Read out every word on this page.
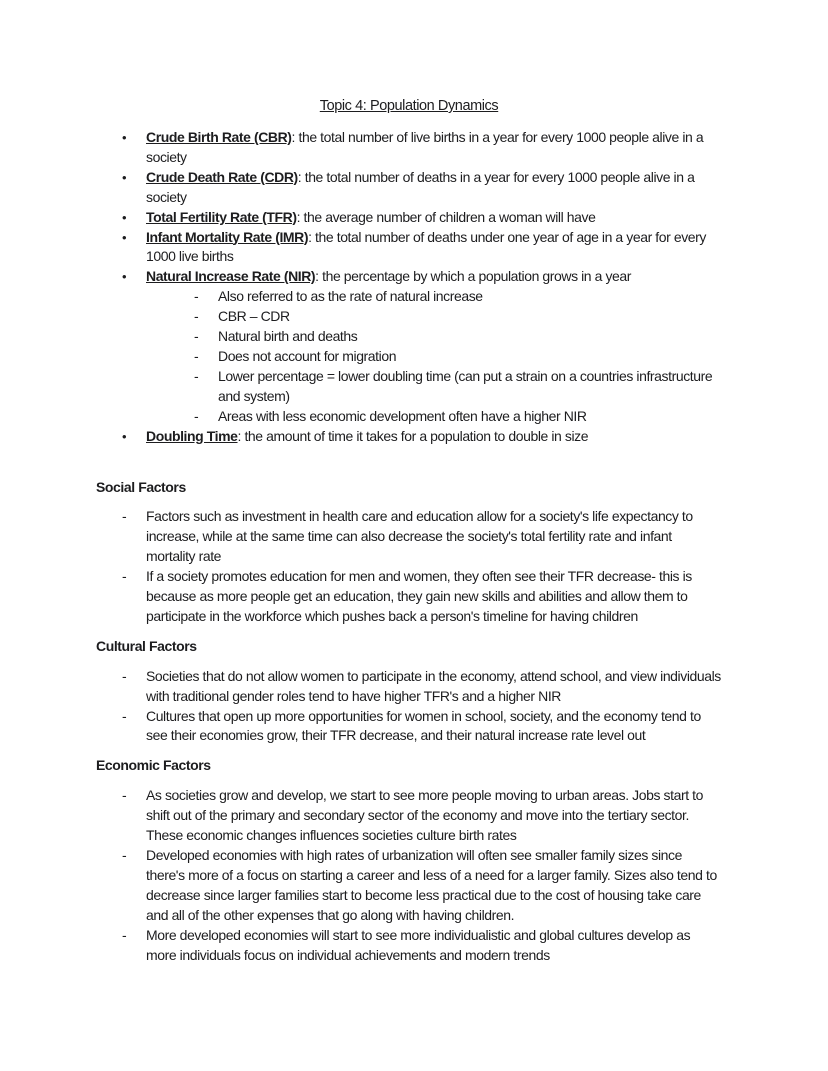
Topic 4: Population Dynamics
•	Crude Birth Rate (CBR): the total number of live births in a year for every 1000 people alive in a society
•	Crude Death Rate (CDR): the total number of deaths in a year for every 1000 people alive in a society
•	Total Fertility Rate (TFR): the average number of children a woman will have
•	Infant Mortality Rate (IMR): the total number of deaths under one year of age in a year for every 1000 live births
•	Natural Increase Rate (NIR): the percentage by which a population grows in a year
-	Also referred to as the rate of natural increase
-	CBR – CDR
-	Natural birth and deaths
-	Does not account for migration
-	Lower percentage = lower doubling time (can put a strain on a countries infrastructure and system)
-	Areas with less economic development often have a higher NIR
•	Doubling Time: the amount of time it takes for a population to double in size
Social Factors
-	Factors such as investment in health care and education allow for a society's life expectancy to increase, while at the same time can also decrease the society's total fertility rate and infant mortality rate
-	If a society promotes education for men and women, they often see their TFR decrease- this is because as more people get an education, they gain new skills and abilities and allow them to participate in the workforce which pushes back a person's timeline for having children
Cultural Factors
-	Societies that do not allow women to participate in the economy, attend school, and view individuals with traditional gender roles tend to have higher TFR's and a higher NIR
-	Cultures that open up more opportunities for women in school, society, and the economy tend to see their economies grow, their TFR decrease, and their natural increase rate level out
Economic Factors
-	As societies grow and develop, we start to see more people moving to urban areas. Jobs start to shift out of the primary and secondary sector of the economy and move into the tertiary sector. These economic changes influences societies culture birth rates
-	Developed economies with high rates of urbanization will often see smaller family sizes since there's more of a focus on starting a career and less of a need for a larger family. Sizes also tend to decrease since larger families start to become less practical due to the cost of housing take care and all of the other expenses that go along with having children.
-	More developed economies will start to see more individualistic and global cultures develop as more individuals focus on individual achievements and modern trends
